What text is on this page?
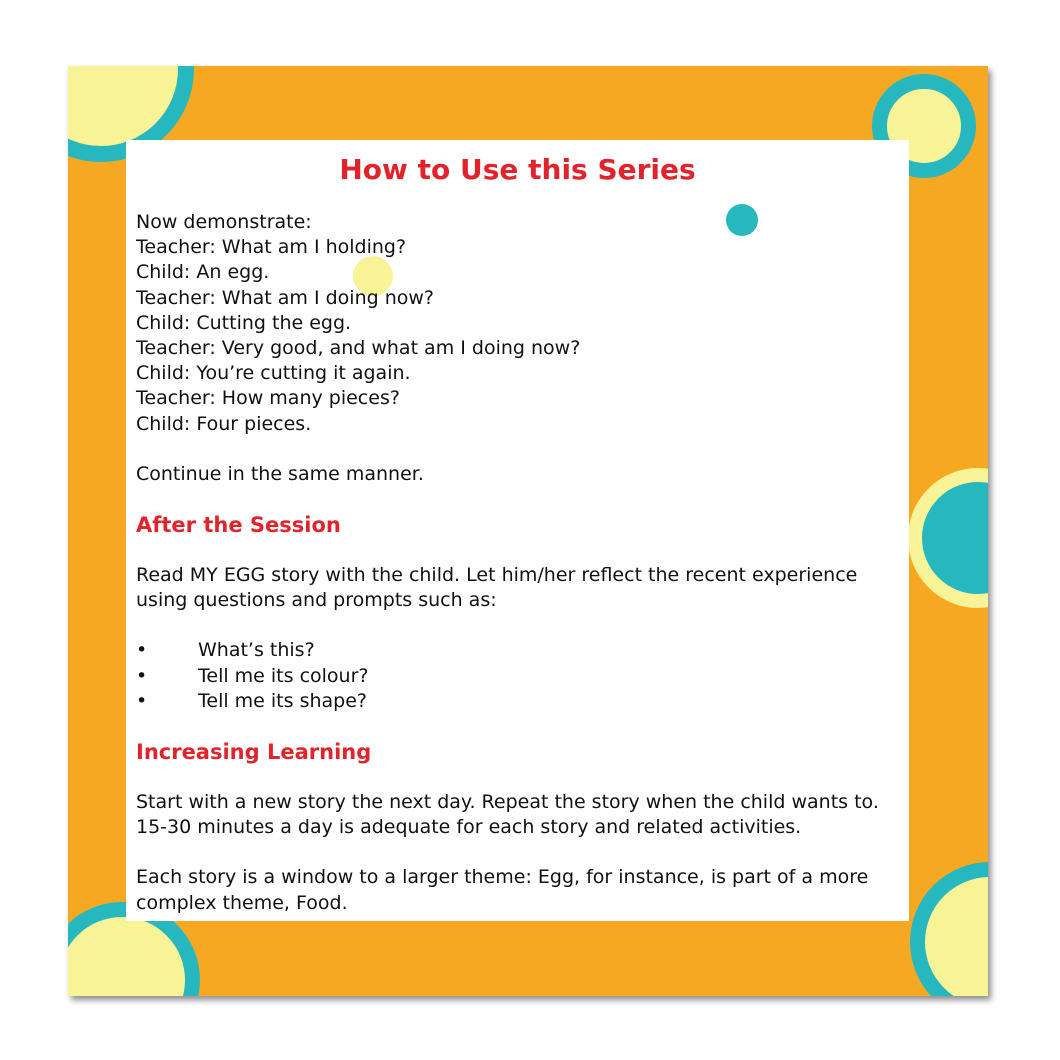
How to Use this Series
Now demonstrate:
Teacher: What am I holding?
Child: An egg.
Teacher: What am I doing now?
Child: Cutting the egg.
Teacher: Very good, and what am I doing now?
Child: You’re cutting it again.
Teacher: How many pieces?
Child: Four pieces.
Continue in the same manner.
After the Session
Read MY EGG story with the child. Let him/her reflect the recent experience
using questions and prompts such as:
•	What’s this?
•	Tell me its colour?
•	Tell me its shape?
Increasing Learning
Start with a new story the next day. Repeat the story when the child wants to.
15-30 minutes a day is adequate for each story and related activities.
Each story is a window to a larger theme: Egg, for instance, is part of a more
complex theme, Food.
